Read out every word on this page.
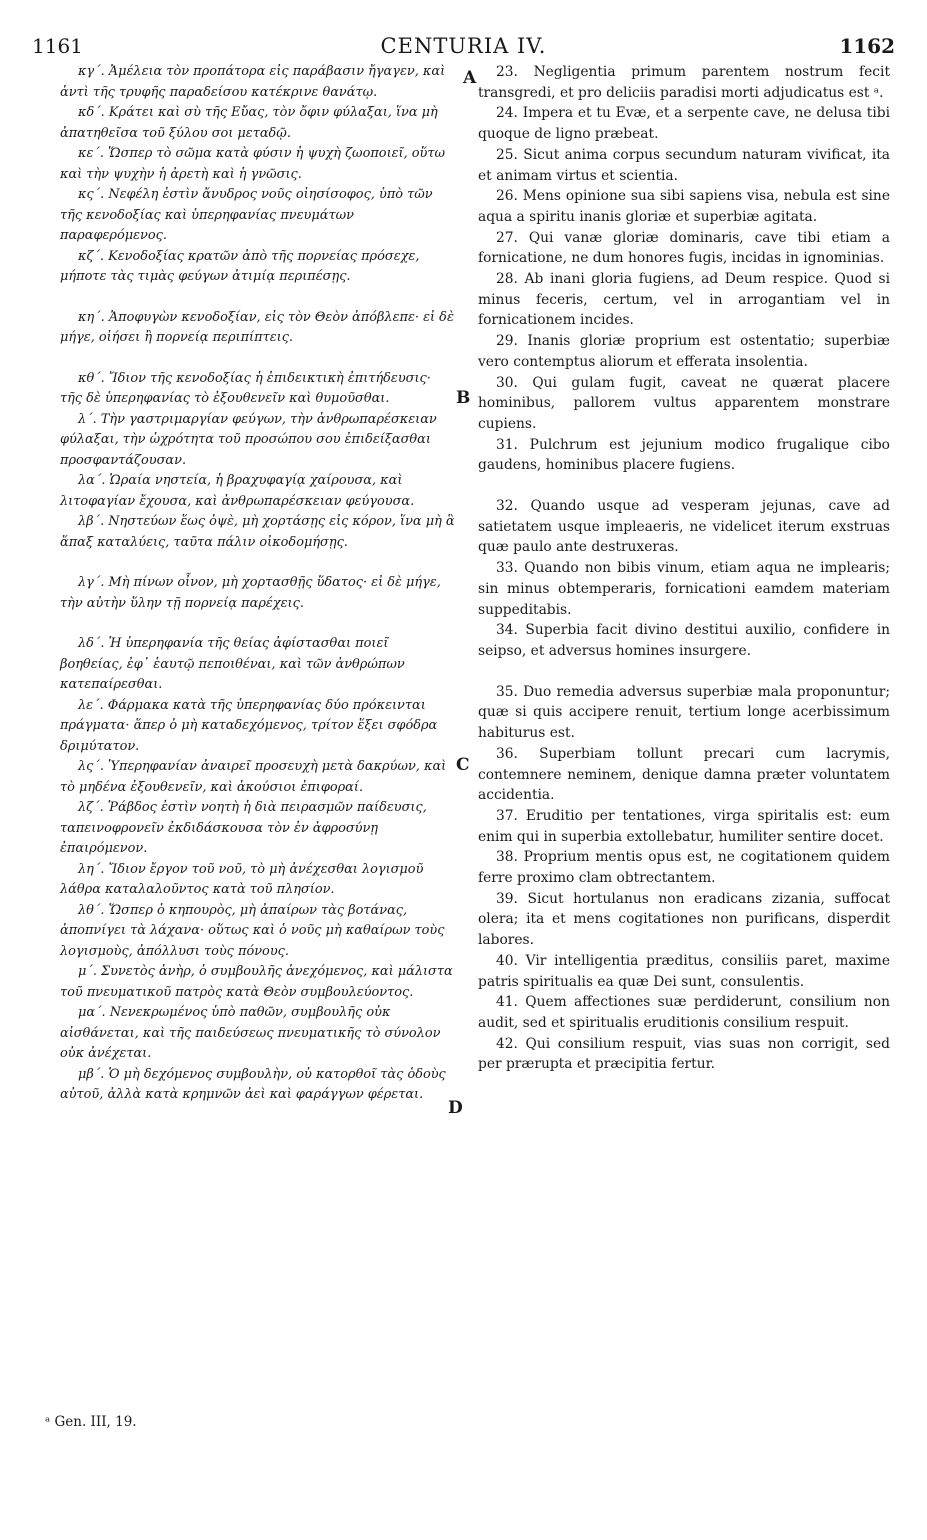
1161	CENTURIA IV.	1162
A
B
C
D

κγ΄. Ἀμέλεια τὸν προπάτορα εἰς παράβασιν ἤγαγεν, καὶ ἀντὶ τῆς τρυφῆς παραδείσου κατέκρινε θανάτῳ.

κδ΄. Κράτει καὶ σὺ τῆς Εὔας, τὸν ὄφιν φύλαξαι, ἵνα μὴ ἀπατηθεῖσα τοῦ ξύλου σοι μεταδῷ.

κε΄. Ὥσπερ τὸ σῶμα κατὰ φύσιν ἡ ψυχὴ ζωοποιεῖ, οὕτω καὶ τὴν ψυχὴν ἡ ἀρετὴ καὶ ἡ γνῶσις.

κς΄. Νεφέλη ἐστὶν ἄνυδρος νοῦς οἰησίσοφος, ὑπὸ τῶν τῆς κενοδοξίας καὶ ὑπερηφανίας πνευμάτων παραφερόμενος.

κζ΄. Κενοδοξίας κρατῶν ἀπὸ τῆς πορνείας πρόσεχε, μήποτε τὰς τιμὰς φεύγων ἀτιμίᾳ περιπέσῃς.

κη΄. Ἀποφυγὼν κενοδοξίαν, εἰς τὸν Θεὸν ἀπόβλεπε· εἰ δὲ μήγε, οἰήσει ἢ πορνείᾳ περιπίπτεις.

κθ΄. Ἴδιον τῆς κενοδοξίας ἡ ἐπιδεικτικὴ ἐπιτήδευσις· τῆς δὲ ὑπερηφανίας τὸ ἐξουθενεῖν καὶ θυμοῦσθαι.

λ΄. Τὴν γαστριμαργίαν φεύγων, τὴν ἀνθρωπαρέσκειαν φύλαξαι, τὴν ὠχρότητα τοῦ προσώπου σου ἐπιδείξασθαι προσφαντάζουσαν.

λα΄. Ὡραία νηστεία, ἡ βραχυφαγίᾳ χαίρουσα, καὶ λιτοφαγίαν ἔχουσα, καὶ ἀνθρωπαρέσκειαν φεύγουσα.

λβ΄. Νηστεύων ἕως ὀψὲ, μὴ χορτάσῃς εἰς κόρον, ἵνα μὴ ἃ ἅπαξ καταλύεις, ταῦτα πάλιν οἰκοδομήσῃς.

λγ΄. Μὴ πίνων οἶνον, μὴ χορτασθῇς ὕδατος· εἰ δὲ μήγε, τὴν αὐτὴν ὕλην τῇ πορνείᾳ παρέχεις.

λδ΄. Ἡ ὑπερηφανία τῆς θείας ἀφίστασθαι ποιεῖ βοηθείας, ἐφ᾽ ἑαυτῷ πεποιθέναι, καὶ τῶν ἀνθρώπων κατεπαίρεσθαι.

λε΄. Φάρμακα κατὰ τῆς ὑπερηφανίας δύο πρόκεινται πράγματα· ἅπερ ὁ μὴ καταδεχόμενος, τρίτον ἕξει σφόδρα δριμύτατον.

λς΄. Ὑπερηφανίαν ἀναιρεῖ προσευχὴ μετὰ δακρύων, καὶ τὸ μηδένα ἐξουθενεῖν, καὶ ἀκούσιοι ἐπιφοραί.

λζ΄. Ῥάβδος ἐστὶν νοητὴ ἡ διὰ πειρασμῶν παίδευσις, ταπεινοφρονεῖν ἐκδιδάσκουσα τὸν ἐν ἀφροσύνῃ ἐπαιρόμενον.

λη΄. Ἴδιον ἔργον τοῦ νοῦ, τὸ μὴ ἀνέχεσθαι λογισμοῦ λάθρα καταλαλοῦντος κατὰ τοῦ πλησίον.

λθ΄. Ὥσπερ ὁ κηπουρὸς, μὴ ἀπαίρων τὰς βοτάνας, ἀποπνίγει τὰ λάχανα· οὕτως καὶ ὁ νοῦς μὴ καθαίρων τοὺς λογισμοὺς, ἀπόλλυσι τοὺς πόνους.

μ΄. Συνετὸς ἀνὴρ, ὁ συμβουλῆς ἀνεχόμενος, καὶ μάλιστα τοῦ πνευματικοῦ πατρὸς κατὰ Θεὸν συμβουλεύοντος.

μα΄. Νενεκρωμένος ὑπὸ παθῶν, συμβουλῆς οὐκ αἰσθάνεται, καὶ τῆς παιδεύσεως πνευματικῆς τὸ σύνολον οὐκ ἀνέχεται.

μβ΄. Ὁ μὴ δεχόμενος συμβουλὴν, οὐ κατορθοῖ τὰς ὁδοὺς αὐτοῦ, ἀλλὰ κατὰ κρημνῶν ἀεὶ καὶ φαράγγων φέρεται.

23. Negligentia primum parentem nostrum fecit transgredi, et pro deliciis paradisi morti adjudicatus est ᵃ.

24. Impera et tu Evæ, et a serpente cave, ne delusa tibi quoque de ligno præbeat.

25. Sicut anima corpus secundum naturam vivificat, ita et animam virtus et scientia.

26. Mens opinione sua sibi sapiens visa, nebula est sine aqua a spiritu inanis gloriæ et superbiæ agitata.

27. Qui vanæ gloriæ dominaris, cave tibi etiam a fornicatione, ne dum honores fugis, incidas in ignominias.

28. Ab inani gloria fugiens, ad Deum respice. Quod si minus feceris, certum, vel in arrogantiam vel in fornicationem incides.

29. Inanis gloriæ proprium est ostentatio; superbiæ vero contemptus aliorum et efferata insolentia.

30. Qui gulam fugit, caveat ne quærat placere hominibus, pallorem vultus apparentem monstrare cupiens.

31. Pulchrum est jejunium modico frugalique cibo gaudens, hominibus placere fugiens.

32. Quando usque ad vesperam jejunas, cave ad satietatem usque impleaeris, ne videlicet iterum exstruas quæ paulo ante destruxeras.

33. Quando non bibis vinum, etiam aqua ne implearis; sin minus obtemperaris, fornicationi eamdem materiam suppeditabis.

34. Superbia facit divino destitui auxilio, confidere in seipso, et adversus homines insurgere.

35. Duo remedia adversus superbiæ mala proponuntur; quæ si quis accipere renuit, tertium longe acerbissimum habiturus est.

36. Superbiam tollunt precari cum lacrymis, contemnere neminem, denique damna præter voluntatem accidentia.

37. Eruditio per tentationes, virga spiritalis est: eum enim qui in superbia extollebatur, humiliter sentire docet.

38. Proprium mentis opus est, ne cogitationem quidem ferre proximo clam obtrectantem.

39. Sicut hortulanus non eradicans zizania, suffocat olera; ita et mens cogitationes non purificans, disperdit labores.

40. Vir intelligentia præditus, consiliis paret, maxime patris spiritualis ea quæ Dei sunt, consulentis.

41. Quem affectiones suæ perdiderunt, consilium non audit, sed et spiritualis eruditionis consilium respuit.

42. Qui consilium respuit, vias suas non corrigit, sed per prærupta et præcipitia fertur.

ᵃ Gen. III, 19.
